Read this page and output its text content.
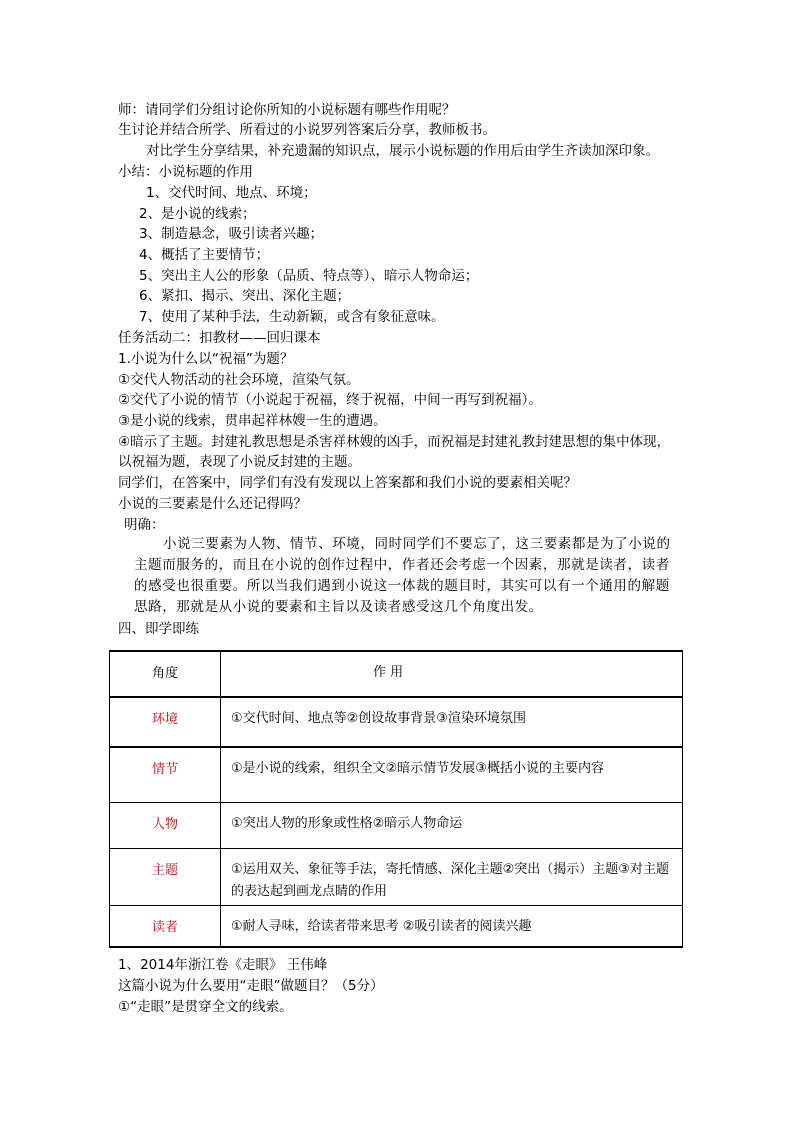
师：请同学们分组讨论你所知的小说标题有哪些作用呢？
生讨论并结合所学、所看过的小说罗列答案后分享，教师板书。
对比学生分享结果，补充遗漏的知识点，展示小说标题的作用后由学生齐读加深印象。
小结：小说标题的作用
1、交代时间、地点、环境；
2、是小说的线索；
3、制造悬念，吸引读者兴趣；
4、概括了主要情节；
5、突出主人公的形象（品质、特点等）、暗示人物命运；
6、紧扣、揭示、突出、深化主题；
7、使用了某种手法，生动新颖，或含有象征意味。
任务活动二：扣教材——回归课本
1.小说为什么以“祝福”为题？
①交代人物活动的社会环境，渲染气氛。
②交代了小说的情节（小说起于祝福，终于祝福，中间一再写到祝福）。
③是小说的线索，贯串起祥林嫂一生的遭遇。
④暗示了主题。封建礼教思想是杀害祥林嫂的凶手，而祝福是封建礼教封建思想的集中体现，
以祝福为题，表现了小说反封建的主题。
同学们，在答案中，同学们有没有发现以上答案都和我们小说的要素相关呢？
小说的三要素是什么还记得吗？
明确：
小说三要素为人物、情节、环境，同时同学们不要忘了，这三要素都是为了小说的主题而服务的，而且在小说的创作过程中，作者还会考虑一个因素，那就是读者，读者的感受也很重要。所以当我们遇到小说这一体裁的题目时，其实可以有一个通用的解题思路，那就是从小说的要素和主旨以及读者感受这几个角度出发。
四、即学即练
角度	作 用

环境	①交代时间、地点等②创设故事背景③渲染环境氛围

情节	①是小说的线索，组织全文②暗示情节发展③概括小说的主要内容

人物	①突出人物的形象或性格②暗示人物命运

主题	①运用双关、象征等手法，寄托情感、深化主题②突出（揭示）主题③对主题的表达起到画龙点睛的作用

读者	①耐人寻味，给读者带来思考 ②吸引读者的阅读兴趣
1、2014年浙江卷《走眼》 王伟峰
这篇小说为什么要用“走眼”做题目？（5分）
①“走眼”是贯穿全文的线索。
